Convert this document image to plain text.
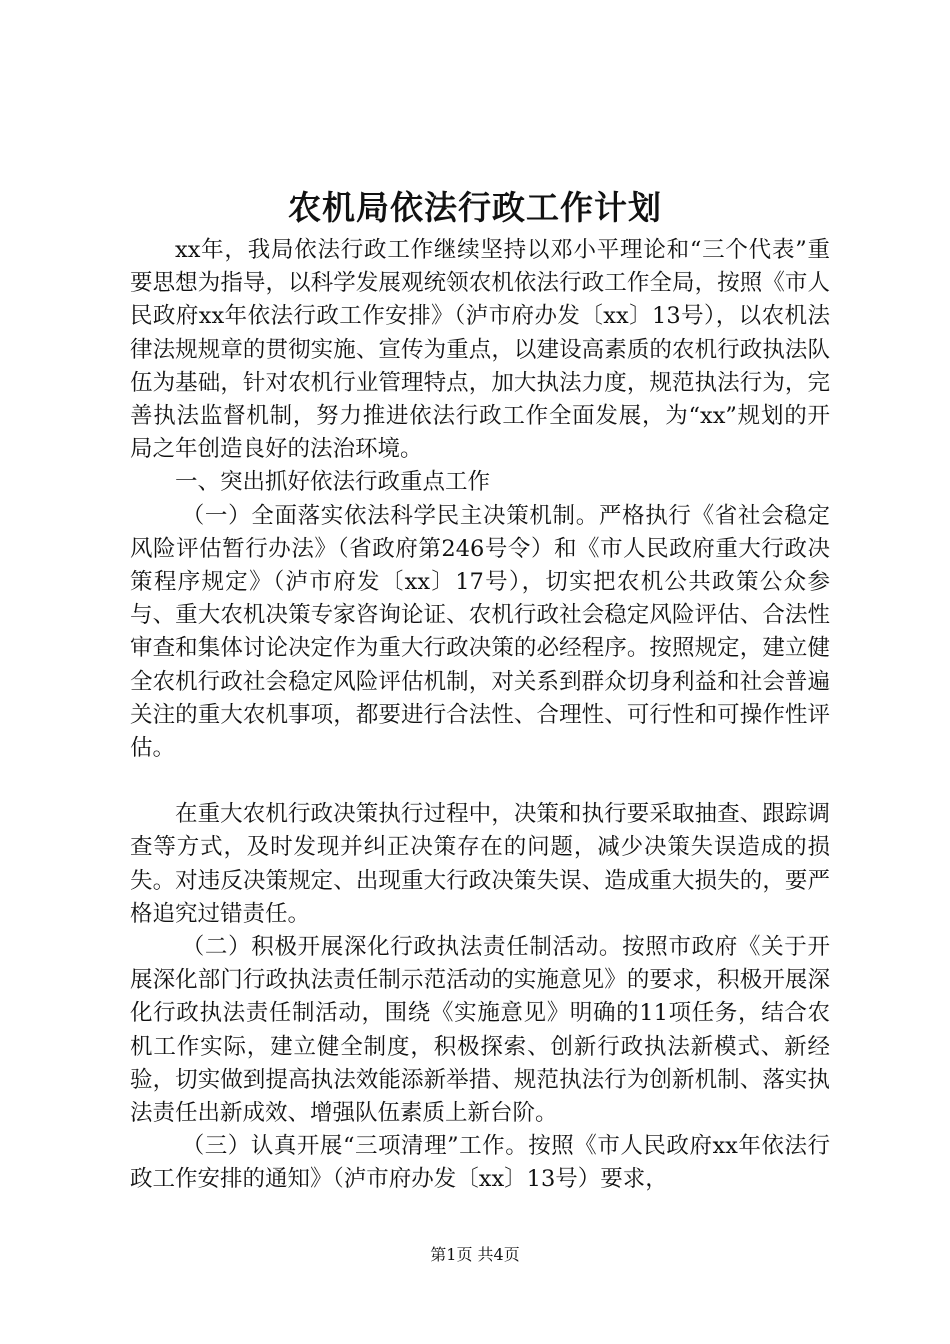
农机局依法行政工作计划

xx年，我局依法行政工作继续坚持以邓小平理论和“三个代表”重要思想为指导，以科学发展观统领农机依法行政工作全局，按照《市人民政府xx年依法行政工作安排》（泸市府办发〔xx〕13号），以农机法律法规规章的贯彻实施、宣传为重点，以建设高素质的农机行政执法队伍为基础，针对农机行业管理特点，加大执法力度，规范执法行为，完善执法监督机制，努力推进依法行政工作全面发展，为“xx”规划的开局之年创造良好的法治环境。

一、突出抓好依法行政重点工作

（一）全面落实依法科学民主决策机制。严格执行《省社会稳定风险评估暂行办法》（省政府第246号令）和《市人民政府重大行政决策程序规定》（泸市府发〔xx〕17号），切实把农机公共政策公众参与、重大农机决策专家咨询论证、农机行政社会稳定风险评估、合法性审查和集体讨论决定作为重大行政决策的必经程序。按照规定，建立健全农机行政社会稳定风险评估机制，对关系到群众切身利益和社会普遍关注的重大农机事项，都要进行合法性、合理性、可行性和可操作性评估。

在重大农机行政决策执行过程中，决策和执行要采取抽查、跟踪调查等方式，及时发现并纠正决策存在的问题，减少决策失误造成的损失。对违反决策规定、出现重大行政决策失误、造成重大损失的，要严格追究过错责任。

（二）积极开展深化行政执法责任制活动。按照市政府《关于开展深化部门行政执法责任制示范活动的实施意见》的要求，积极开展深化行政执法责任制活动，围绕《实施意见》明确的11项任务，结合农机工作实际，建立健全制度，积极探索、创新行政执法新模式、新经验，切实做到提高执法效能添新举措、规范执法行为创新机制、落实执法责任出新成效、增强队伍素质上新台阶。

（三）认真开展“三项清理”工作。按照《市人民政府xx年依法行政工作安排的通知》（泸市府办发〔xx〕13号）要求，

第1页 共4页
